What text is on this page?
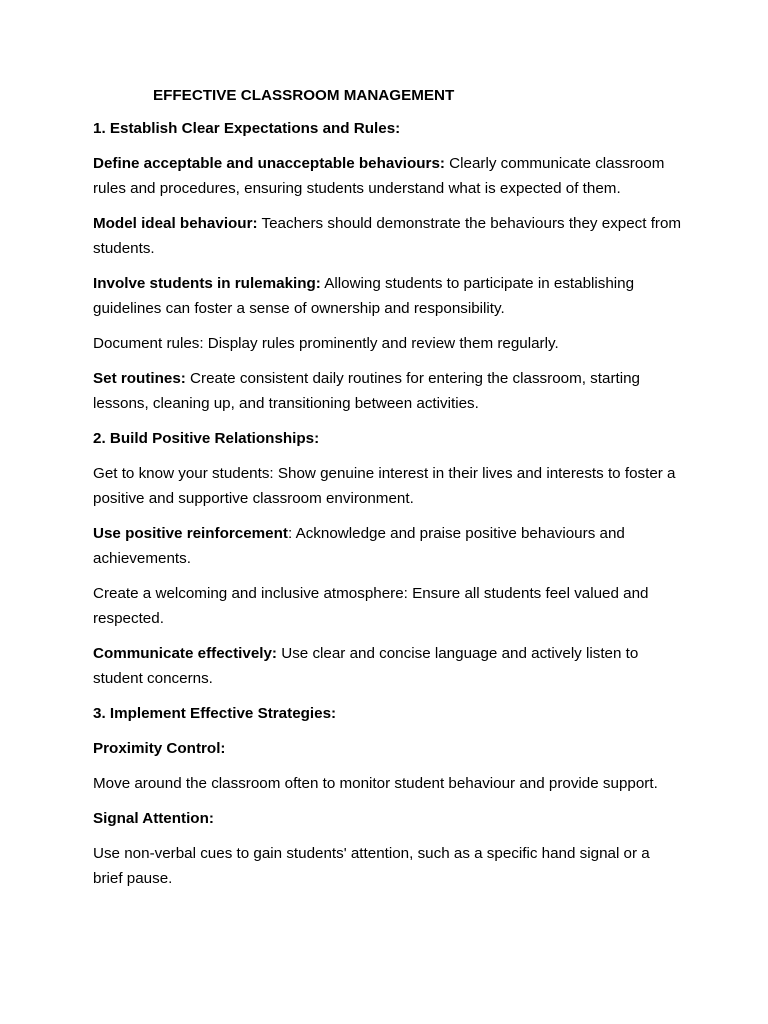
EFFECTIVE CLASSROOM MANAGEMENT
1. Establish Clear Expectations and Rules:

Define acceptable and unacceptable behaviours: Clearly communicate classroom rules and procedures, ensuring students understand what is expected of them.

Model ideal behaviour: Teachers should demonstrate the behaviours they expect from students.

Involve students in rulemaking: Allowing students to participate in establishing guidelines can foster a sense of ownership and responsibility.

Document rules: Display rules prominently and review them regularly.

Set routines: Create consistent daily routines for entering the classroom, starting lessons, cleaning up, and transitioning between activities.

2. Build Positive Relationships:

Get to know your students: Show genuine interest in their lives and interests to foster a positive and supportive classroom environment.

Use positive reinforcement: Acknowledge and praise positive behaviours and achievements.

Create a welcoming and inclusive atmosphere: Ensure all students feel valued and respected.

Communicate effectively: Use clear and concise language and actively listen to student concerns.

3. Implement Effective Strategies:

Proximity Control:

Move around the classroom often to monitor student behaviour and provide support.

Signal Attention:

Use non-verbal cues to gain students' attention, such as a specific hand signal or a brief pause.
